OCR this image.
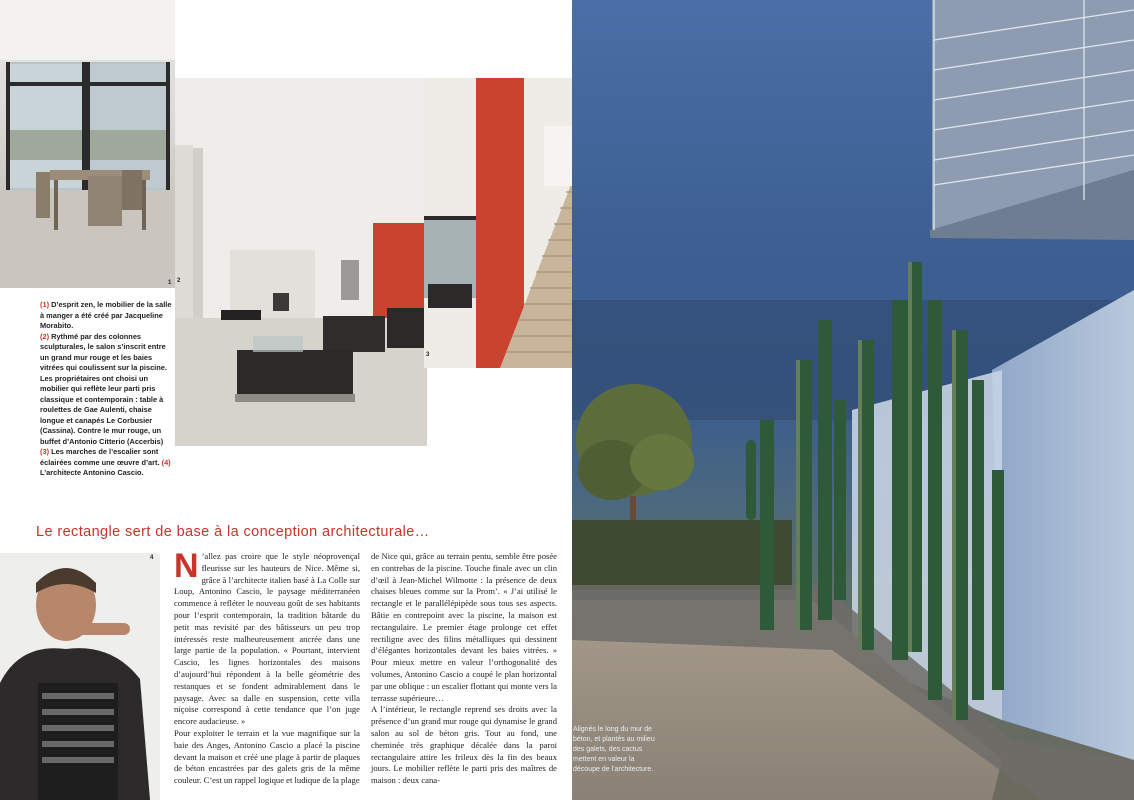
1 2
3
(1) D’esprit zen, le mobilier de la salle à manger a été créé par Jacqueline Morabito.
(2) Rythmé par des colonnes sculpturales, le salon s’inscrit entre un grand mur rouge et les baies vitrées qui coulissent sur la piscine. Les propriétaires ont choisi un mobilier qui reflète leur parti pris classique et contemporain : table à roulettes de Gae Aulenti, chaise longue et canapés Le Corbusier (Cassina). Contre le mur rouge, un buffet d’Antonio Citterio (Accerbis) (3) Les marches de l’escalier sont éclairées comme une œuvre d’art. (4) L’architecte Antonino Cascio.
Le rectangle sert de base à la conception architecturale…
4 N ’allez pas croire que le style néoprovençal fleurisse sur les hauteurs de Nice. Même si, grâce à l’architecte italien basé à La Colle sur Loup, Antonino Cascio, le paysage méditerranéen commence à refléter le nouveau goût de ses habitants pour l’esprit contemporain, la tradition bâtarde du petit mas revisité par des bâtisseurs un peu trop intéressés reste malheureusement ancrée dans une large partie de la population. « Pourtant, intervient Cascio, les lignes horizontales des maisons d’aujourd’hui répondent à la belle géométrie des restanques et se fondent admirablement dans le paysage. Avec sa dalle en suspension, cette villa niçoise correspond à cette tendance que l’on juge encore audacieuse. »
Pour exploiter le terrain et la vue magnifique sur la baie des Anges, Antonino Cascio a placé la piscine devant la maison et créé une plage à partir de plaques de béton encastrées par des galets gris de la même couleur. C’est un rappel logique et ludique de la plage
de Nice qui, grâce au terrain pentu, semble être posée en contrebas de la piscine. Touche finale avec un clin d’œil à Jean-Michel Wilmotte : la présence de deux chaises bleues comme sur la Prom’. « J’ai utilisé le rectangle et le parallélépipède sous tous ses aspects. Bâtie en contrepoint avec la piscine, la maison est rectangulaire. Le premier étage prolonge cet effet rectiligne avec des filins métalliques qui dessinent d’élégantes horizontales devant les baies vitrées. » Pour mieux mettre en valeur l’orthogonalité des volumes, Antonino Cascio a coupé le plan horizontal par une oblique : un escalier flottant qui monte vers la terrasse supérieure…
A l’intérieur, le rectangle reprend ses droits avec la présence d’un grand mur rouge qui dynamise le grand salon au sol de béton gris. Tout au fond, une cheminée très graphique décalée dans la paroi rectangulaire attire les frileux dès la fin des beaux jours. Le mobilier reflète le parti pris des maîtres de maison : deux cana-
Alignés le long du mur de béton, et plantés au milieu des galets, des cactus mettent en valeur la découpe de l’architecture.
